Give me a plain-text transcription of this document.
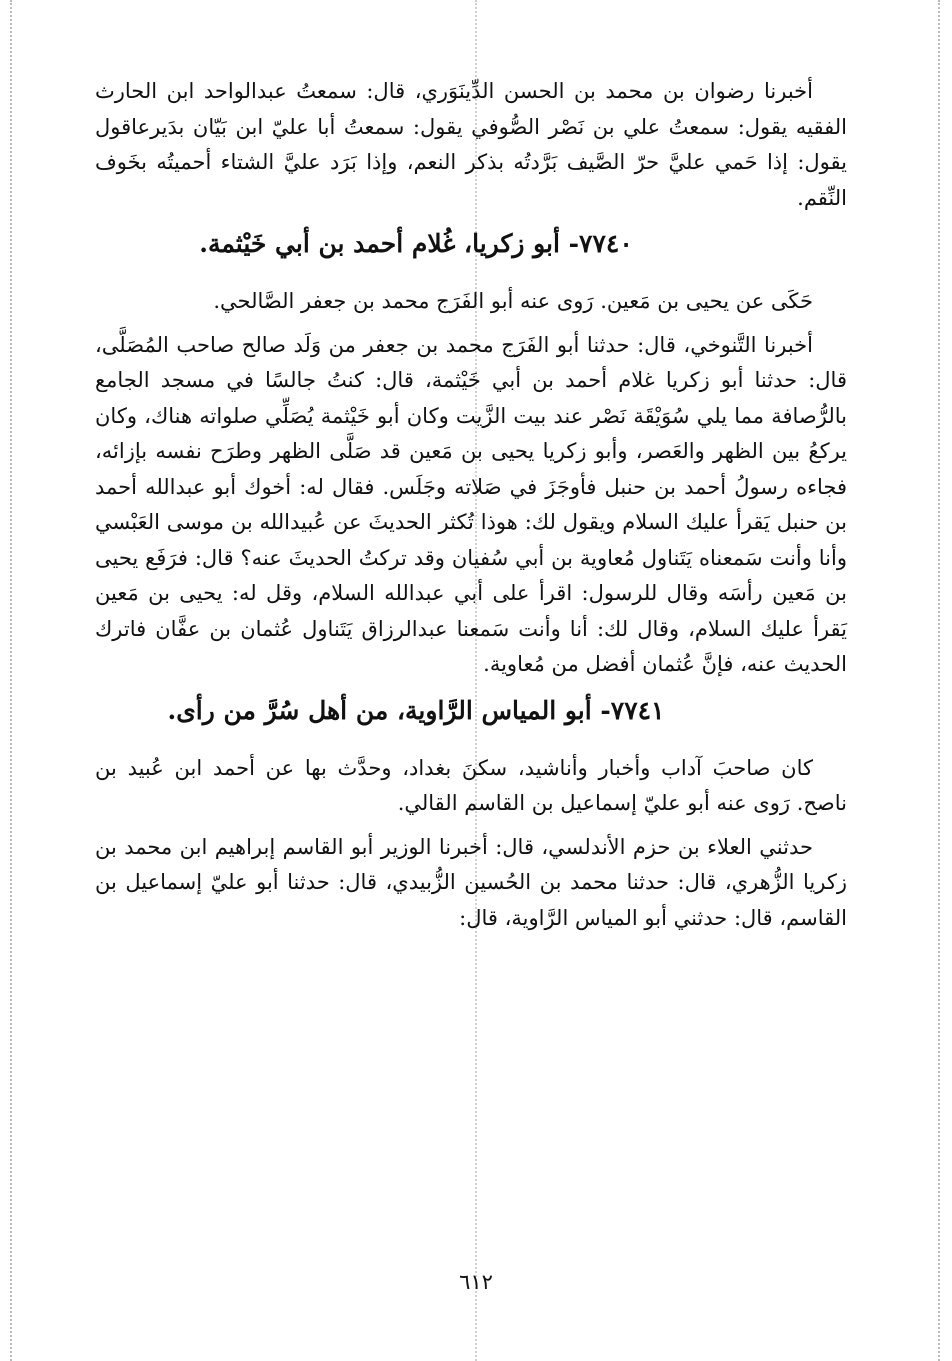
أخبرنا رضوان بن محمد بن الحسن الدِّينَوَري، قال: سمعتُ عبدالواحد ابن الحارث الفقيه يقول: سمعتُ علي بن نَصْر الصُّوفي يقول: سمعتُ أبا عليّ ابن بَيّان بدَيرعاقول يقول: إذا حَمي عليَّ حرّ الصَّيف بَرَّدتُه بذكر النعم، وإذا بَرَد عليَّ الشتاء أحميتُه بخَوف النِّقم.

٧٧٤٠- أبو زكريا، غُلام أحمد بن أبي خَيْثمة.

حَكَى عن يحيى بن مَعين. رَوى عنه أبو الفَرَج محمد بن جعفر الصَّالحي.

أخبرنا التَّنوخي، قال: حدثنا أبو الفَرَج محمد بن جعفر من وَلَد صالح صاحب المُصَلَّى، قال: حدثنا أبو زكريا غلام أحمد بن أبي خَيْثمة، قال: كنتُ جالسًا في مسجد الجامع بالرُّصافة مما يلي سُوَيْقَة نَصْر عند بيت الزَّيت وكان أبو خَيْثمة يُصَلِّي صلواته هناك، وكان يركعُ بين الظهر والعَصر، وأبو زكريا يحيى بن مَعين قد صَلَّى الظهر وطرَح نفسه بإزائه، فجاءه رسولُ أحمد بن حنبل فأوجَزَ في صَلاته وجَلَس. فقال له: أخوك أبو عبدالله أحمد بن حنبل يَقرأ عليك السلام ويقول لك: هوذا تُكثر الحديثَ عن عُبيدالله بن موسى العَبْسي وأنا وأنت سَمعناه يَتَناول مُعاوية بن أبي سُفيان وقد تركتُ الحديثَ عنه؟ قال: فرَفَع يحيى بن مَعين رأسَه وقال للرسول: اقرأ على أبي عبدالله السلام، وقل له: يحيى بن مَعين يَقرأ عليك السلام، وقال لك: أنا وأنت سَمعنا عبدالرزاق يَتَناول عُثمان بن عفَّان فاترك الحديث عنه، فإنَّ عُثمان أفضل من مُعاوية.

٧٧٤١- أبو المياس الرَّاوية، من أهل سُرَّ من رأى.

كان صاحبَ آداب وأخبار وأناشيد، سكنَ بغداد، وحدَّث بها عن أحمد ابن عُبيد بن ناصح. رَوى عنه أبو عليّ إسماعيل بن القاسم القالي.

حدثني العلاء بن حزم الأندلسي، قال: أخبرنا الوزير أبو القاسم إبراهيم ابن محمد بن زكريا الزُّهري، قال: حدثنا محمد بن الحُسين الزُّبيدي، قال: حدثنا أبو عليّ إسماعيل بن القاسم، قال: حدثني أبو المياس الرَّاوية، قال:

٦١٢
